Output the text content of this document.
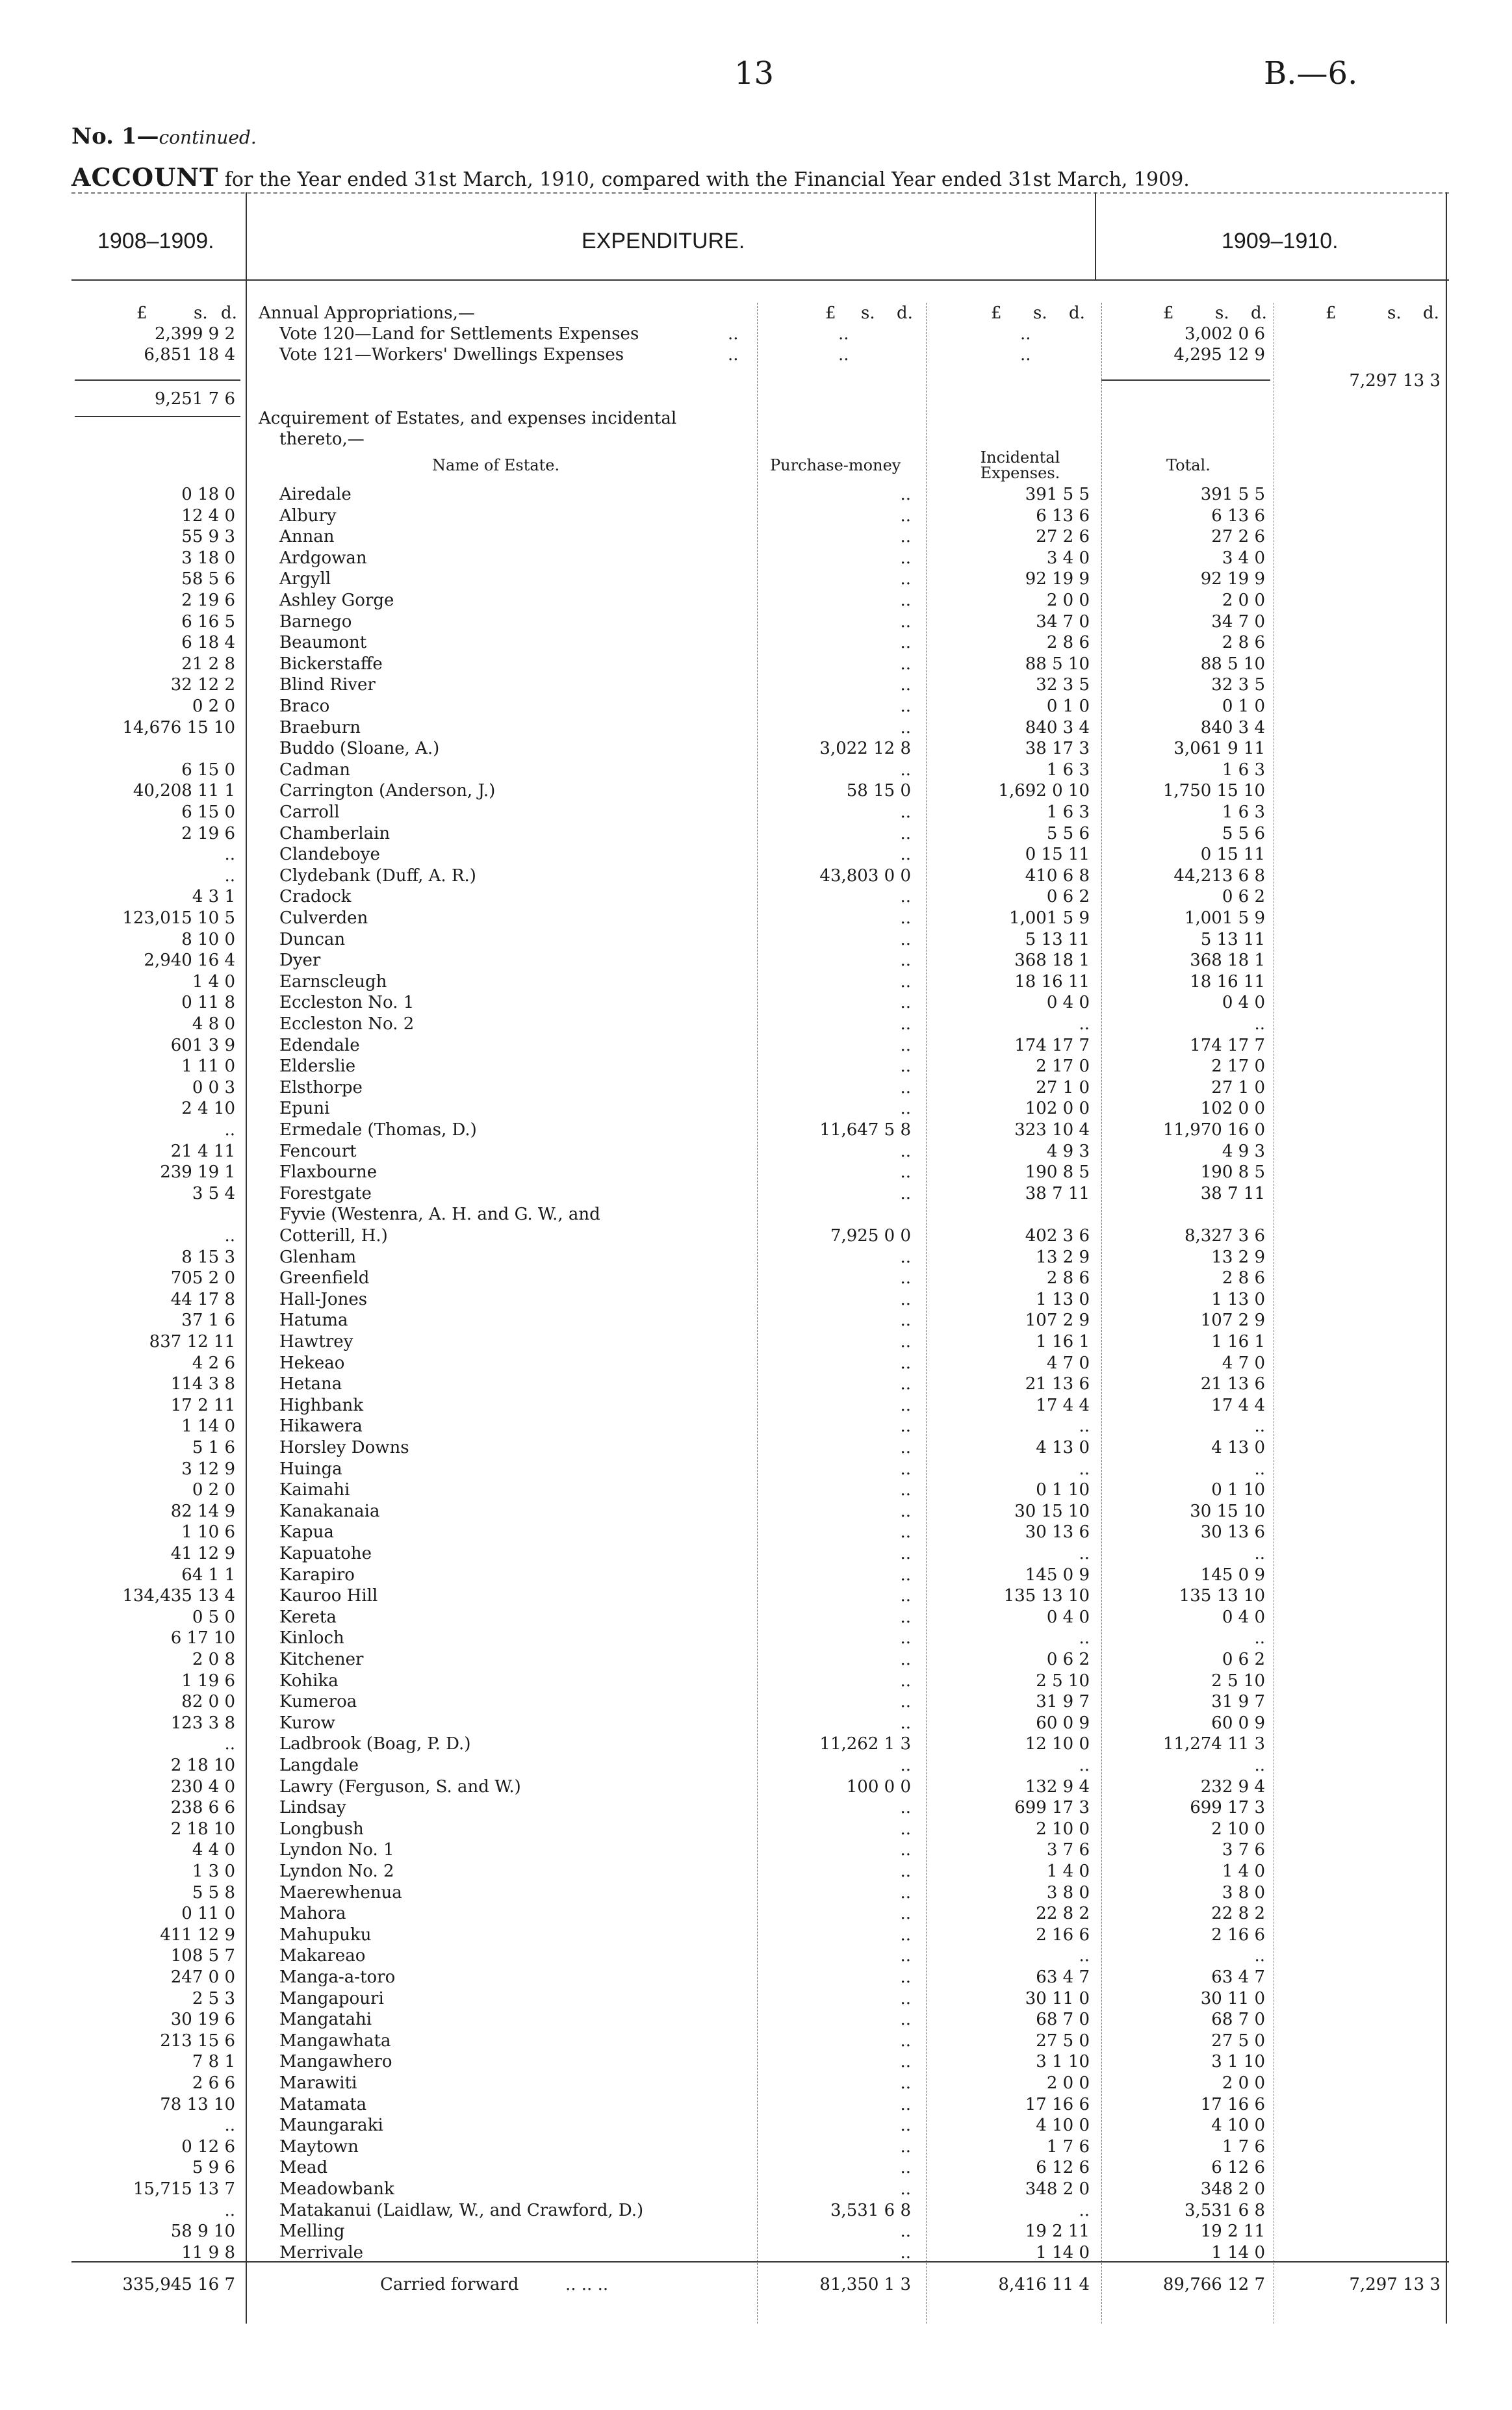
13	B.—6.
No. 1—continued.
ACCOUNT for the Year ended 31st March, 1910, compared with the Financial Year ended 31st March, 1909.
1908–1909.	EXPENDITURE.	1909–1910.
£	s. d.	£ s. d.	£ s. d.	£ s. d.	£	s. d.
Annual Appropriations,—
2,399 9 2	Vote 120—Land for Settlements Expenses	..	..	..	3,002 0 6
6,851 18 4	Vote 121—Workers' Dwellings Expenses	..	..	..	4,295 12 9
9,251 7 6
7,297 13 3
Acquirement of Estates, and expenses incidental
thereto,—
Name of Estate.	Purchase-money	Incidental Expenses.	Total.
0 18 0	Airedale	..	391 5 5	391 5 5
12 4 0	Albury	..	6 13 6	6 13 6
55 9 3	Annan	..	27 2 6	27 2 6
3 18 0	Ardgowan	..	3 4 0	3 4 0
58 5 6	Argyll	..	92 19 9	92 19 9
2 19 6	Ashley Gorge	..	2 0 0	2 0 0
6 16 5	Barnego	..	34 7 0	34 7 0
6 18 4	Beaumont	..	2 8 6	2 8 6
21 2 8	Bickerstaffe	..	88 5 10	88 5 10
32 12 2	Blind River	..	32 3 5	32 3 5
0 2 0	Braco	..	0 1 0	0 1 0
14,676 15 10	Braeburn	..	840 3 4	840 3 4
Buddo (Sloane, A.)	3,022 12 8	38 17 3	3,061 9 11
6 15 0	Cadman	..	1 6 3	1 6 3
40,208 11 1	Carrington (Anderson, J.)	58 15 0	1,692 0 10	1,750 15 10
6 15 0	Carroll	..	1 6 3	1 6 3
2 19 6	Chamberlain	..	5 5 6	5 5 6
..	Clandeboye	..	0 15 11	0 15 11
..	Clydebank (Duff, A. R.)	43,803 0 0	410 6 8	44,213 6 8
4 3 1	Cradock	..	0 6 2	0 6 2
123,015 10 5	Culverden	..	1,001 5 9	1,001 5 9
8 10 0	Duncan	..	5 13 11	5 13 11
2,940 16 4	Dyer	..	368 18 1	368 18 1
1 4 0	Earnscleugh	..	18 16 11	18 16 11
0 11 8	Eccleston No. 1	..	0 4 0	0 4 0
4 8 0	Eccleston No. 2	..	..	..
601 3 9	Edendale	..	174 17 7	174 17 7
1 11 0	Elderslie	..	2 17 0	2 17 0
0 0 3	Elsthorpe	..	27 1 0	27 1 0
2 4 10	Epuni	..	102 0 0	102 0 0
..	Ermedale (Thomas, D.)	11,647 5 8	323 10 4	11,970 16 0
21 4 11	Fencourt	..	4 9 3	4 9 3
239 19 1	Flaxbourne	..	190 8 5	190 8 5
3 5 4	Forestgate	..	38 7 11	38 7 11
Fyvie (Westenra, A. H. and G. W., and
..	Cotterill, H.)	7,925 0 0	402 3 6	8,327 3 6
8 15 3	Glenham	..	13 2 9	13 2 9
705 2 0	Greenfield	..	2 8 6	2 8 6
44 17 8	Hall-Jones	..	1 13 0	1 13 0
37 1 6	Hatuma	..	107 2 9	107 2 9
837 12 11	Hawtrey	..	1 16 1	1 16 1
4 2 6	Hekeao	..	4 7 0	4 7 0
114 3 8	Hetana	..	21 13 6	21 13 6
17 2 11	Highbank	..	17 4 4	17 4 4
1 14 0	Hikawera	..	..	..
5 1 6	Horsley Downs	..	4 13 0	4 13 0
3 12 9	Huinga	..	..	..
0 2 0	Kaimahi	..	0 1 10	0 1 10
82 14 9	Kanakanaia	..	30 15 10	30 15 10
1 10 6	Kapua	..	30 13 6	30 13 6
41 12 9	Kapuatohe	..	..	..
64 1 1	Karapiro	..	145 0 9	145 0 9
134,435 13 4	Kauroo Hill	..	135 13 10	135 13 10
0 5 0	Kereta	..	0 4 0	0 4 0
6 17 10	Kinloch	..	..	..
2 0 8	Kitchener	..	0 6 2	0 6 2
1 19 6	Kohika	..	2 5 10	2 5 10
82 0 0	Kumeroa	..	31 9 7	31 9 7
123 3 8	Kurow	..	60 0 9	60 0 9
..	Ladbrook (Boag, P. D.)	11,262 1 3	12 10 0	11,274 11 3
2 18 10	Langdale	..	..	..
230 4 0	Lawry (Ferguson, S. and W.)	100 0 0	132 9 4	232 9 4
238 6 6	Lindsay	..	699 17 3	699 17 3
2 18 10	Longbush	..	2 10 0	2 10 0
4 4 0	Lyndon No. 1	..	3 7 6	3 7 6
1 3 0	Lyndon No. 2	..	1 4 0	1 4 0
5 5 8	Maerewhenua	..	3 8 0	3 8 0
0 11 0	Mahora	..	22 8 2	22 8 2
411 12 9	Mahupuku	..	2 16 6	2 16 6
108 5 7	Makareao	..	..	..
247 0 0	Manga-a-toro	..	63 4 7	63 4 7
2 5 3	Mangapouri	..	30 11 0	30 11 0
30 19 6	Mangatahi	..	68 7 0	68 7 0
213 15 6	Mangawhata	..	27 5 0	27 5 0
7 8 1	Mangawhero	..	3 1 10	3 1 10
2 6 6	Marawiti	..	2 0 0	2 0 0
78 13 10	Matamata	..	17 16 6	17 16 6
..	Maungaraki	..	4 10 0	4 10 0
0 12 6	Maytown	..	1 7 6	1 7 6
5 9 6	Mead	..	6 12 6	6 12 6
15,715 13 7	Meadowbank	..	348 2 0	348 2 0
..	Matakanui (Laidlaw, W., and Crawford, D.)	3,531 6 8	..	3,531 6 8
58 9 10	Melling	..	19 2 11	19 2 11
11 9 8	Merrivale	..	1 14 0	1 14 0
335,945 16 7	Carried forward	.. .. ..	81,350 1 3	8,416 11 4	89,766 12 7	7,297 13 3
